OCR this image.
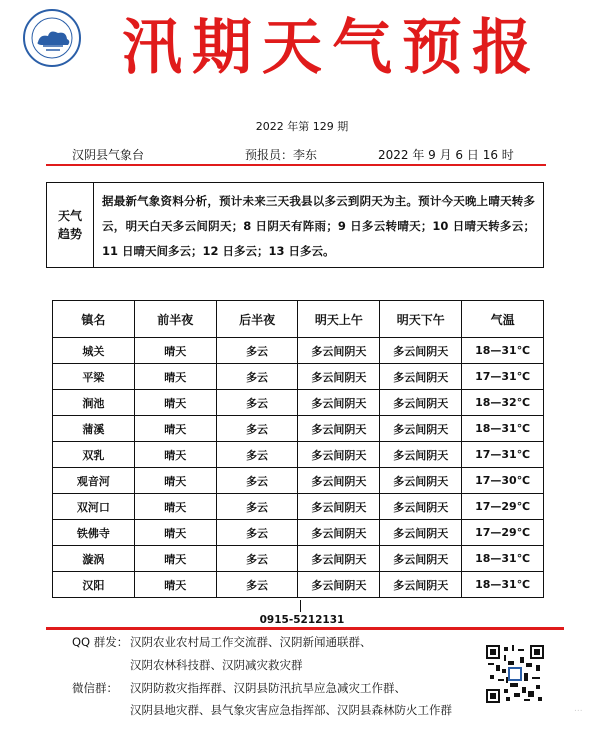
汛期天气预报
2022 年第 129 期
汉阴县气象台	预报员：李东	2022 年 9 月 6 日 16 时
天气
趋势
据最新气象资料分析，预计未来三天我县以多云到阴天为主。预计今天晚上晴天转多云，明天白天多云间阴天；8 日阴天有阵雨；9 日多云转晴天；10 日晴天转多云；11 日晴天间多云；12 日多云；13 日多云。
镇名	前半夜	后半夜	明天上午	明天下午	气温
城关	晴天	多云	多云间阴天	多云间阴天	18—31℃
平梁	晴天	多云	多云间阴天	多云间阴天	17—31℃
涧池	晴天	多云	多云间阴天	多云间阴天	18—32℃
蒲溪	晴天	多云	多云间阴天	多云间阴天	18—31℃
双乳	晴天	多云	多云间阴天	多云间阴天	17—31℃
观音河	晴天	多云	多云间阴天	多云间阴天	17—30℃
双河口	晴天	多云	多云间阴天	多云间阴天	17—29℃
铁佛寺	晴天	多云	多云间阴天	多云间阴天	17—29℃
漩涡	晴天	多云	多云间阴天	多云间阴天	18—31℃
汉阳	晴天	多云	多云间阴天	多云间阴天	18—31℃
0915-5212131
QQ 群发： 汉阴农业农村局工作交流群、汉阴新闻通联群、
汉阴农林科技群、汉阴减灾救灾群
微信群： 汉阴防救灾指挥群、汉阴县防汛抗旱应急减灾工作群、
汉阴县地灾群、县气象灾害应急指挥部、汉阴县森林防火工作群	...
